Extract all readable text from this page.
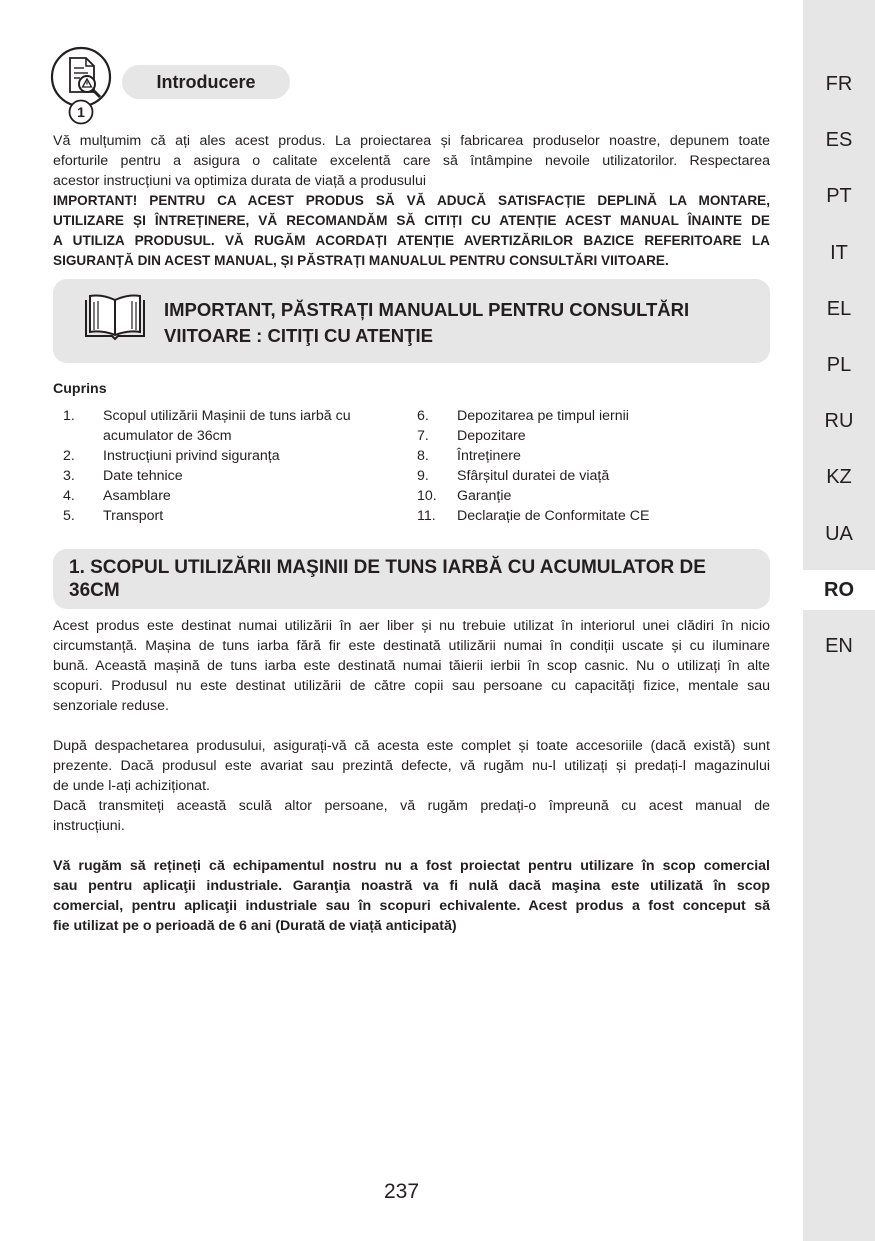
FR
ES
PT
IT
EL
PL
RU
KZ
UA
RO
EN
1
Introducere
Vă mulțumim că ați ales acest produs. La proiectarea și fabricarea produselor noastre, depunem toate
eforturile pentru a asigura o calitate excelentă care să întâmpine nevoile utilizatorilor. Respectarea
acestor instrucțiuni va optimiza durata de viață a produsului
IMPORTANT! PENTRU CA ACEST PRODUS SĂ VĂ ADUCĂ SATISFACȚIE DEPLINĂ LA MONTARE,
UTILIZARE ȘI ÎNTREȚINERE, VĂ RECOMANDĂM SĂ CITIȚI CU ATENȚIE ACEST MANUAL ÎNAINTE DE
A UTILIZA PRODUSUL. VĂ RUGĂM ACORDAȚI ATENȚIE AVERTIZĂRILOR BAZICE REFERITOARE LA
SIGURANȚĂ DIN ACEST MANUAL, ȘI PĂSTRAȚI MANUALUL PENTRU CONSULTĂRI VIITOARE.
IMPORTANT, PĂSTRAȚI MANUALUL PENTRU CONSULTĂRI
VIITOARE : CITIŢI CU ATENŢIE
Cuprins
1.	Scopul utilizării Mașinii de tuns iarbă cu
acumulator de 36cm
2.	Instrucțiuni privind siguranța
3.	Date tehnice
4.	Asamblare
5.	Transport
6.	Depozitarea pe timpul iernii
7.	Depozitare
8.	Întreținere
9.	Sfârșitul duratei de viață
10.	Garanție
11.	Declarație de Conformitate CE
1. SCOPUL UTILIZĂRII MAŞINII DE TUNS IARBĂ CU ACUMULATOR DE
36CM
Acest produs este destinat numai utilizării în aer liber și nu trebuie utilizat în interiorul unei clădiri în nicio
circumstanță. Mașina de tuns iarba fără fir este destinată utilizării numai în condiții uscate și cu iluminare
bună. Această mașină de tuns iarba este destinată numai tăierii ierbii în scop casnic. Nu o utilizați în alte
scopuri. Produsul nu este destinat utilizării de către copii sau persoane cu capacități fizice, mentale sau
senzoriale reduse.
După despachetarea produsului, asigurați-vă că acesta este complet și toate accesoriile (dacă există) sunt
prezente. Dacă produsul este avariat sau prezintă defecte, vă rugăm nu-l utilizați și predați-l magazinului
de unde l-ați achiziționat.
Dacă transmiteți această sculă altor persoane, vă rugăm predați-o împreună cu acest manual de
instrucțiuni.
Vă rugăm să rețineți că echipamentul nostru nu a fost proiectat pentru utilizare în scop comercial
sau pentru aplicaţii industriale. Garanţia noastră va fi nulă dacă maşina este utilizată în scop
comercial, pentru aplicaţii industriale sau în scopuri echivalente. Acest produs a fost conceput să
fie utilizat pe o perioadă de 6 ani (Durată de viață anticipată)
237
